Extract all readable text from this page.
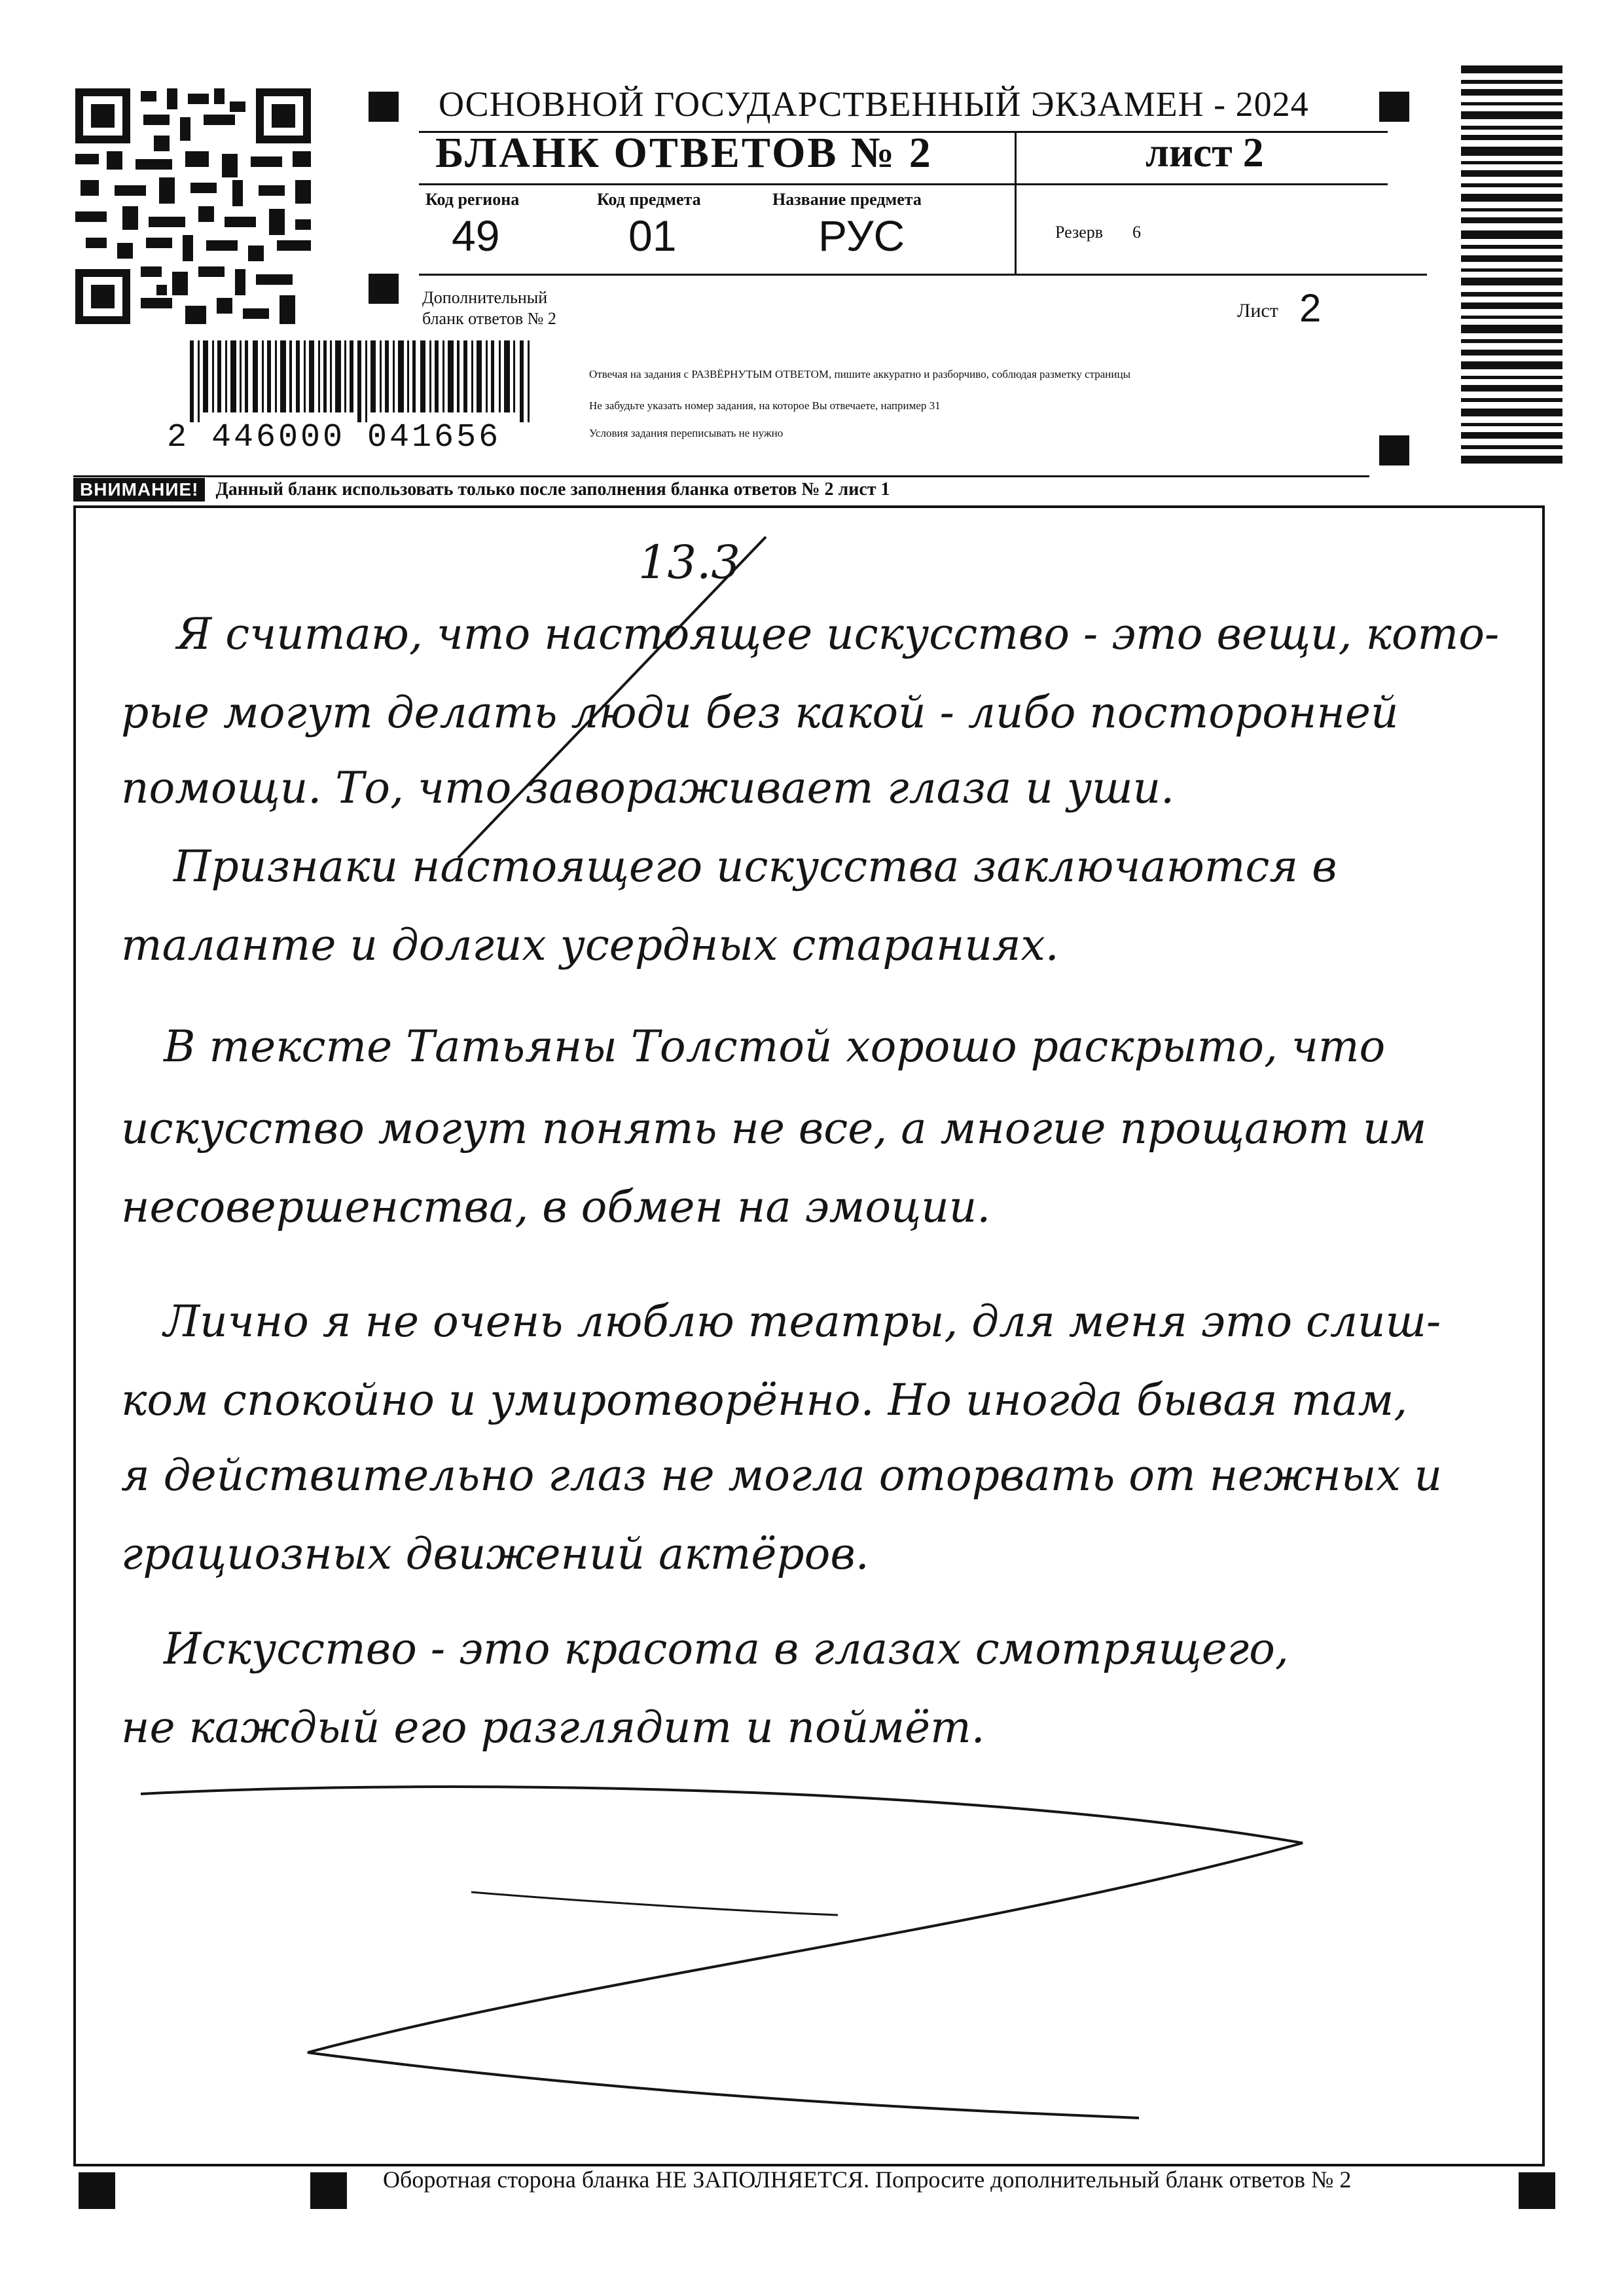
2 446000 041656
ОСНОВНОЙ ГОСУДАРСТВЕННЫЙ ЭКЗАМЕН - 2024
БЛАНК ОТВЕТОВ № 2	лист 2
Код региона
49
Код предмета
01
Название предмета
РУС	Резерв 6
Дополнительный
бланк ответов № 2	Лист 2
Отвечая на задания с РАЗВЁРНУТЫМ ОТВЕТОМ, пишите аккуратно и разборчиво, соблюдая разметку страницы
Не забудьте указать номер задания, на которое Вы отвечаете, например 31
Условия задания переписывать не нужно
ВНИМАНИЕ! Данный бланк использовать только после заполнения бланка ответов № 2 лист 1
13.3
Я считаю, что настоящее искусство - это вещи, кото-
рые могут делать люди без какой - либо посторонней
помощи. То, что завораживает глаза и уши.
Признаки настоящего искусства заключаются в
таланте и долгих усердных стараниях.
В тексте Татьяны Толстой хорошо раскрыто, что
искусство могут понять не все, а многие прощают им
несовершенства, в обмен на эмоции.
Лично я не очень люблю театры, для меня это слиш-
ком спокойно и умиротворённо. Но иногда бывая там,
я действительно глаз не могла оторвать от нежных и
грациозных движений актёров.
Искусство - это красота в глазах смотрящего,
не каждый его разглядит и поймёт.
Оборотная сторона бланка НЕ ЗАПОЛНЯЕТСЯ. Попросите дополнительный бланк ответов № 2
